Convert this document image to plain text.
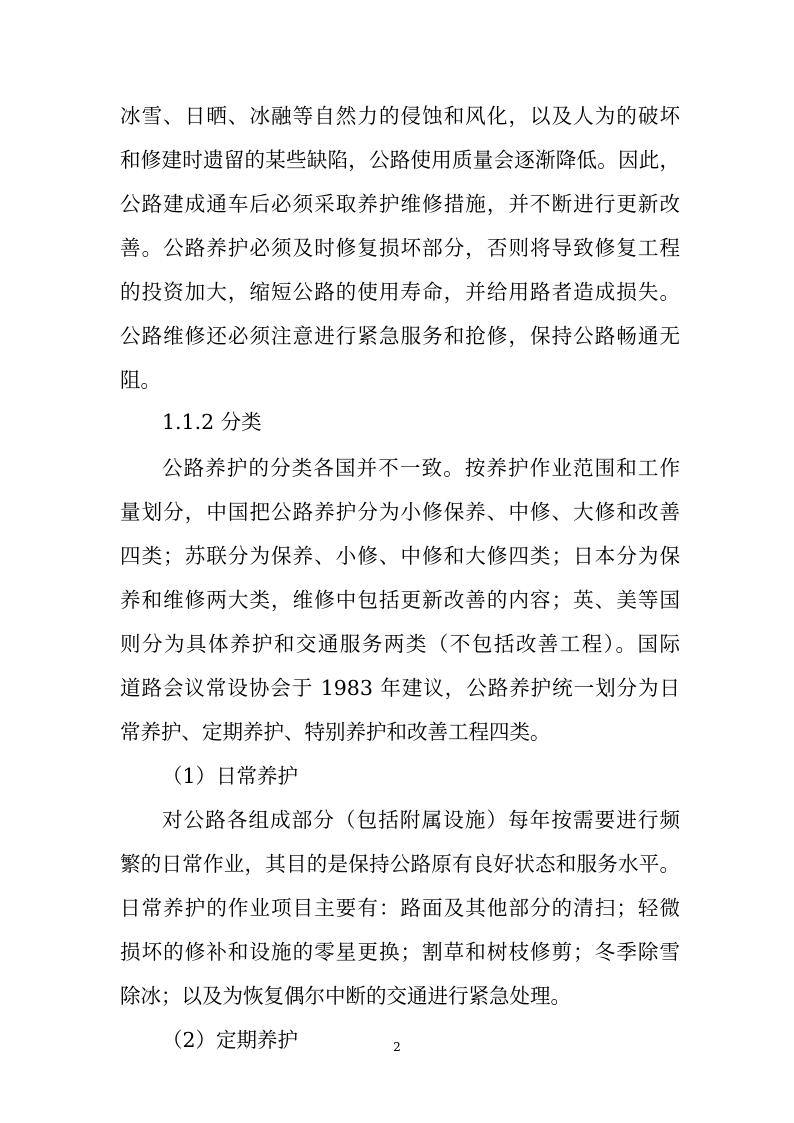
冰雪、日晒、冰融等自然力的侵蚀和风化，以及人为的破坏
和修建时遗留的某些缺陷，公路使用质量会逐渐降低。因此，
公路建成通车后必须采取养护维修措施，并不断进行更新改
善。公路养护必须及时修复损坏部分，否则将导致修复工程
的投资加大，缩短公路的使用寿命，并给用路者造成损失。
公路维修还必须注意进行紧急服务和抢修，保持公路畅通无
阻。
1.1.2 分类
公路养护的分类各国并不一致。按养护作业范围和工作
量划分，中国把公路养护分为小修保养、中修、大修和改善
四类；苏联分为保养、小修、中修和大修四类；日本分为保
养和维修两大类，维修中包括更新改善的内容；英、美等国
则分为具体养护和交通服务两类（不包括改善工程）。国际
道路会议常设协会于 1983 年建议，公路养护统一划分为日
常养护、定期养护、特别养护和改善工程四类。
（1）日常养护
对公路各组成部分（包括附属设施）每年按需要进行频
繁的日常作业，其目的是保持公路原有良好状态和服务水平。
日常养护的作业项目主要有：路面及其他部分的清扫；轻微
损坏的修补和设施的零星更换；割草和树枝修剪；冬季除雪
除冰；以及为恢复偶尔中断的交通进行紧急处理。
（2）定期养护	2
